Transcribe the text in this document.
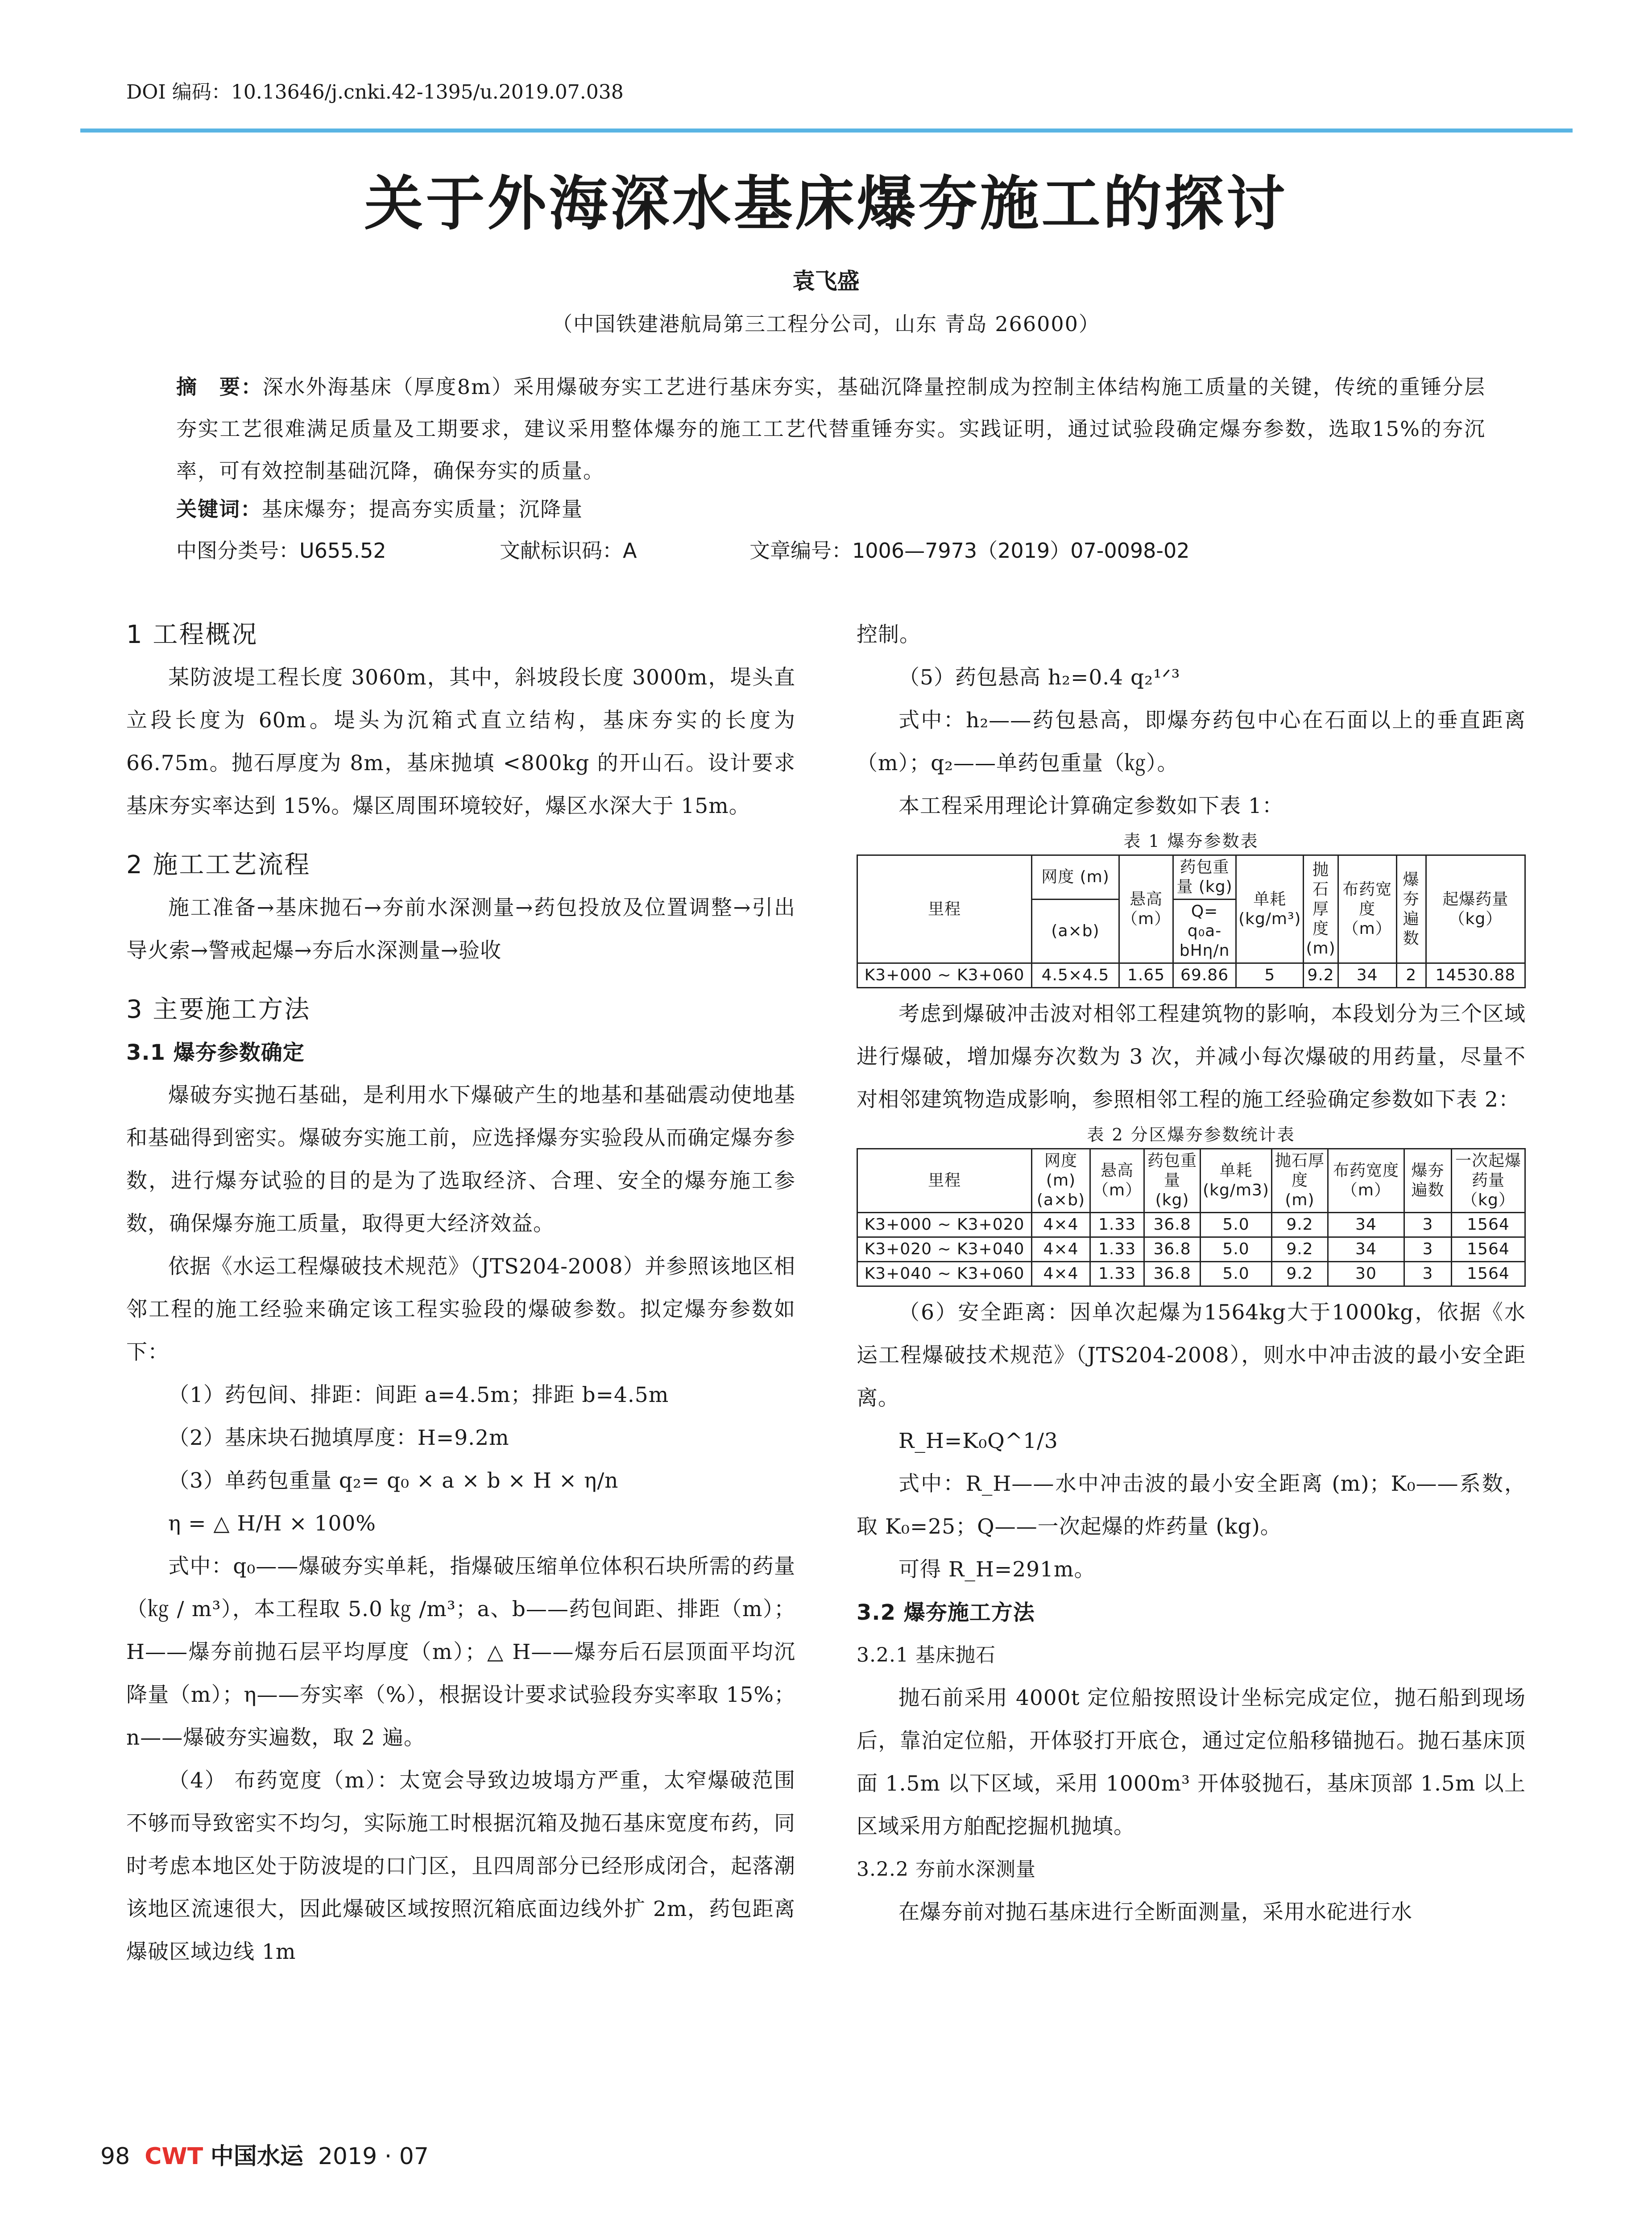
DOI 编码：10.13646/j.cnki.42-1395/u.2019.07.038
关于外海深水基床爆夯施工的探讨
袁飞盛
（中国铁建港航局第三工程分公司，山东 青岛 266000）
摘　要：深水外海基床（厚度8m）采用爆破夯实工艺进行基床夯实，基础沉降量控制成为控制主体结构施工质量的关键，传统的重锤分层夯实工艺很难满足质量及工期要求，建议采用整体爆夯的施工工艺代替重锤夯实。实践证明，通过试验段确定爆夯参数，选取15%的夯沉率，可有效控制基础沉降，确保夯实的质量。
关键词：基床爆夯；提高夯实质量；沉降量
中图分类号：U655.52	文献标识码：A	文章编号：1006—7973（2019）07-0098-02

1 工程概况

某防波堤工程长度 3060m，其中，斜坡段长度 3000m，堤头直立段长度为 60m。堤头为沉箱式直立结构，基床夯实的长度为66.75m。抛石厚度为 8m，基床抛填 <800kg 的开山石。设计要求基床夯实率达到 15%。爆区周围环境较好，爆区水深大于 15m。

2 施工工艺流程

施工准备→基床抛石→夯前水深测量→药包投放及位置调整→引出导火索→警戒起爆→夯后水深测量→验收

3 主要施工方法

3.1 爆夯参数确定

爆破夯实抛石基础，是利用水下爆破产生的地基和基础震动使地基和基础得到密实。爆破夯实施工前，应选择爆夯实验段从而确定爆夯参数，进行爆夯试验的目的是为了选取经济、合理、安全的爆夯施工参数，确保爆夯施工质量，取得更大经济效益。

依据《水运工程爆破技术规范》（JTS204-2008）并参照该地区相邻工程的施工经验来确定该工程实验段的爆破参数。拟定爆夯参数如下：

（1）药包间、排距：间距 a=4.5m；排距 b=4.5m

（2）基床块石抛填厚度：H=9.2m

（3）单药包重量 q₂= q₀ × a × b × H × η/n

η = △ H/H × 100%

式中：q₀——爆破夯实单耗，指爆破压缩单位体积石块所需的药量（㎏ / m³），本工程取 5.0 ㎏ /m³；a、b——药包间距、排距（m）；H——爆夯前抛石层平均厚度（m）；△ H——爆夯后石层顶面平均沉降量（m）；η——夯实率（%），根据设计要求试验段夯实率取 15%；n——爆破夯实遍数，取 2 遍。

（4） 布药宽度（m）：太宽会导致边坡塌方严重，太窄爆破范围不够而导致密实不均匀，实际施工时根据沉箱及抛石基床宽度布药，同时考虑本地区处于防波堤的口门区，且四周部分已经形成闭合，起落潮该地区流速很大，因此爆破区域按照沉箱底面边线外扩 2m，药包距离爆破区域边线 1m

控制。

（5）药包悬高 h₂=0.4 q₂¹ᐟ³

式中：h₂——药包悬高，即爆夯药包中心在石面以上的垂直距离（m）；q₂——单药包重量（㎏）。

本工程采用理论计算确定参数如下表 1：

表 1 爆夯参数表

里程	网度 (m)	悬高（m）	药包重量 (kg)	单耗 (kg/m³)	抛石厚度 (m)	布药宽度（m）	爆夯遍数	起爆药量（kg）
	(a×b)		Q= q₀a-bHη/n					
K3+000 ~ K3+060	4.5×4.5	1.65	69.86	5	9.2	34	2	14530.88

考虑到爆破冲击波对相邻工程建筑物的影响，本段划分为三个区域进行爆破，增加爆夯次数为 3 次，并减小每次爆破的用药量，尽量不对相邻建筑物造成影响，参照相邻工程的施工经验确定参数如下表 2：

表 2 分区爆夯参数统计表

里程	网度 (m) (a×b)	悬高（m）	药包重量 (kg)	单耗 (kg/m3)	抛石厚度 (m)	布药宽度（m）	爆夯遍数	一次起爆药量（kg）
K3+000 ~ K3+020	4×4	1.33	36.8	5.0	9.2	34	3	1564
K3+020 ~ K3+040	4×4	1.33	36.8	5.0	9.2	34	3	1564
K3+040 ~ K3+060	4×4	1.33	36.8	5.0	9.2	30	3	1564

（6）安全距离：因单次起爆为1564kg大于1000kg，依据《水运工程爆破技术规范》（JTS204-2008），则水中冲击波的最小安全距离。

R_H=K₀Q^1/3

式中：R_H——水中冲击波的最小安全距离 (m)；K₀——系数，取 K₀=25；Q——一次起爆的炸药量 (kg)。

可得 R_H=291m。

3.2 爆夯施工方法

3.2.1 基床抛石

抛石前采用 4000t 定位船按照设计坐标完成定位，抛石船到现场后，靠泊定位船，开体驳打开底仓，通过定位船移锚抛石。抛石基床顶面 1.5m 以下区域，采用 1000m³ 开体驳抛石，基床顶部 1.5m 以上区域采用方舶配挖掘机抛填。

3.2.2 夯前水深测量

在爆夯前对抛石基床进行全断面测量，采用水砣进行水

98 CWT 中国水运 2019 · 07
